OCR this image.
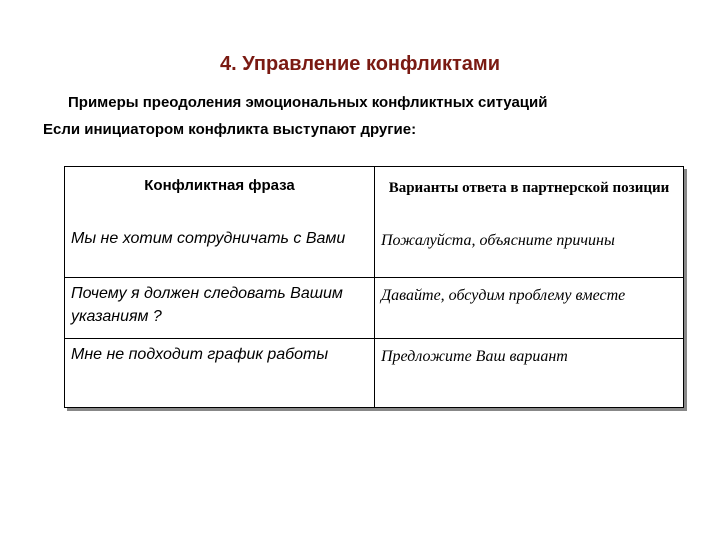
4. Управление конфликтами
Примеры преодоления эмоциональных конфликтных ситуаций
Если инициатором конфликта выступают другие:
Конфликтная фраза	Варианты ответа в партнерской позиции

Мы не хотим сотрудничать с Вами	Пожалуйста, объясните причины

Почему я должен следовать Вашим указаниям ?	Давайте, обсудим проблему вместе

Мне не подходит график работы	Предложите Ваш вариант
